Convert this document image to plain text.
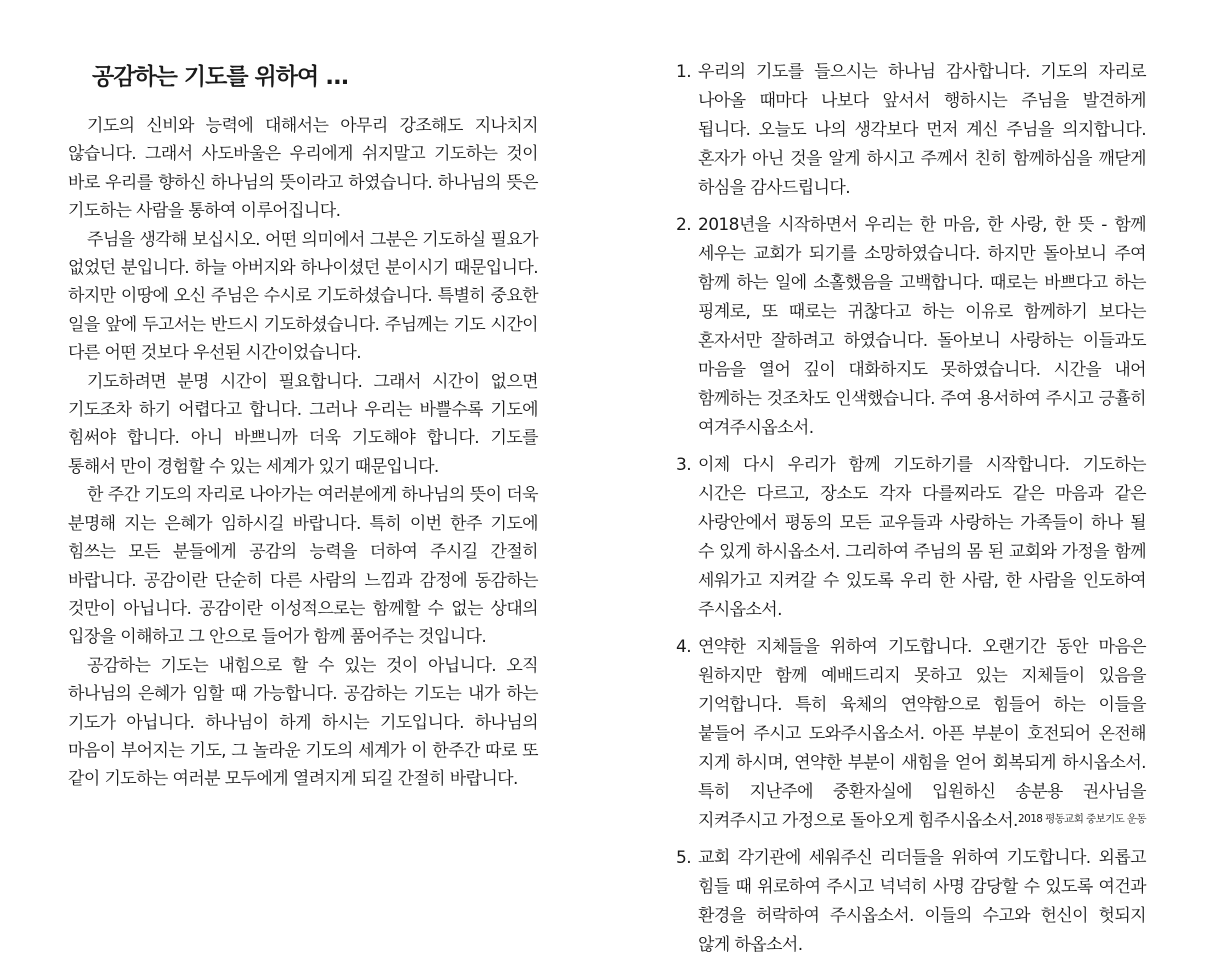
공감하는 기도를 위하여 ...

기도의 신비와 능력에 대해서는 아무리 강조해도 지나치지 않습니다. 그래서 사도바울은 우리에게 쉬지말고 기도하는 것이 바로 우리를 향하신 하나님의 뜻이라고 하였습니다. 하나님의 뜻은 기도하는 사람을 통하여 이루어집니다.

주님을 생각해 보십시오. 어떤 의미에서 그분은 기도하실 필요가 없었던 분입니다. 하늘 아버지와 하나이셨던 분이시기 때문입니다. 하지만 이땅에 오신 주님은 수시로 기도하셨습니다. 특별히 중요한 일을 앞에 두고서는 반드시 기도하셨습니다. 주님께는 기도 시간이 다른 어떤 것보다 우선된 시간이었습니다.

기도하려면 분명 시간이 필요합니다. 그래서 시간이 없으면 기도조차 하기 어렵다고 합니다. 그러나 우리는 바쁠수록 기도에 힘써야 합니다. 아니 바쁘니까 더욱 기도해야 합니다. 기도를 통해서 만이 경험할 수 있는 세계가 있기 때문입니다.

한 주간 기도의 자리로 나아가는 여러분에게 하나님의 뜻이 더욱 분명해 지는 은혜가 임하시길 바랍니다. 특히 이번 한주 기도에 힘쓰는 모든 분들에게 공감의 능력을 더하여 주시길 간절히 바랍니다. 공감이란 단순히 다른 사람의 느낌과 감정에 동감하는 것만이 아닙니다. 공감이란 이성적으로는 함께할 수 없는 상대의 입장을 이해하고 그 안으로 들어가 함께 품어주는 것입니다.

공감하는 기도는 내힘으로 할 수 있는 것이 아닙니다. 오직 하나님의 은혜가 임할 때 가능합니다. 공감하는 기도는 내가 하는 기도가 아닙니다. 하나님이 하게 하시는 기도입니다. 하나님의 마음이 부어지는 기도, 그 놀라운 기도의 세계가 이 한주간 따로 또 같이 기도하는 여러분 모두에게 열려지게 되길 간절히 바랍니다.

1. 우리의 기도를 들으시는 하나님 감사합니다. 기도의 자리로 나아올 때마다 나보다 앞서서 행하시는 주님을 발견하게 됩니다. 오늘도 나의 생각보다 먼저 계신 주님을 의지합니다. 혼자가 아닌 것을 알게 하시고 주께서 친히 함께하심을 깨닫게 하심을 감사드립니다.
2. 2018년을 시작하면서 우리는 한 마음, 한 사랑, 한 뜻 - 함께 세우는 교회가 되기를 소망하였습니다. 하지만 돌아보니 주여 함께 하는 일에 소홀했음을 고백합니다. 때로는 바쁘다고 하는 핑계로, 또 때로는 귀찮다고 하는 이유로 함께하기 보다는 혼자서만 잘하려고 하였습니다. 돌아보니 사랑하는 이들과도 마음을 열어 깊이 대화하지도 못하였습니다. 시간을 내어 함께하는 것조차도 인색했습니다. 주여 용서하여 주시고 긍휼히 여겨주시옵소서.
3. 이제 다시 우리가 함께 기도하기를 시작합니다. 기도하는 시간은 다르고, 장소도 각자 다를찌라도 같은 마음과 같은 사랑안에서 평동의 모든 교우들과 사랑하는 가족들이 하나 될 수 있게 하시옵소서. 그리하여 주님의 몸 된 교회와 가정을 함께 세워가고 지켜갈 수 있도록 우리 한 사람, 한 사람을 인도하여 주시옵소서.
4. 연약한 지체들을 위하여 기도합니다. 오랜기간 동안 마음은 원하지만 함께 예배드리지 못하고 있는 지체들이 있음을 기억합니다. 특히 육체의 연약함으로 힘들어 하는 이들을 붙들어 주시고 도와주시옵소서. 아픈 부분이 호전되어 온전해 지게 하시며, 연약한 부분이 새힘을 얻어 회복되게 하시옵소서. 특히 지난주에 중환자실에 입원하신 송분용 권사님을 지켜주시고 가정으로 돌아오게 힘주시옵소서.
5. 교회 각기관에 세워주신 리더들을 위하여 기도합니다. 외롭고 힘들 때 위로하여 주시고 넉넉히 사명 감당할 수 있도록 여건과 환경을 허락하여 주시옵소서. 이들의 수고와 헌신이 헛되지 않게 하옵소서.
2018 평동교회 중보기도 운동
